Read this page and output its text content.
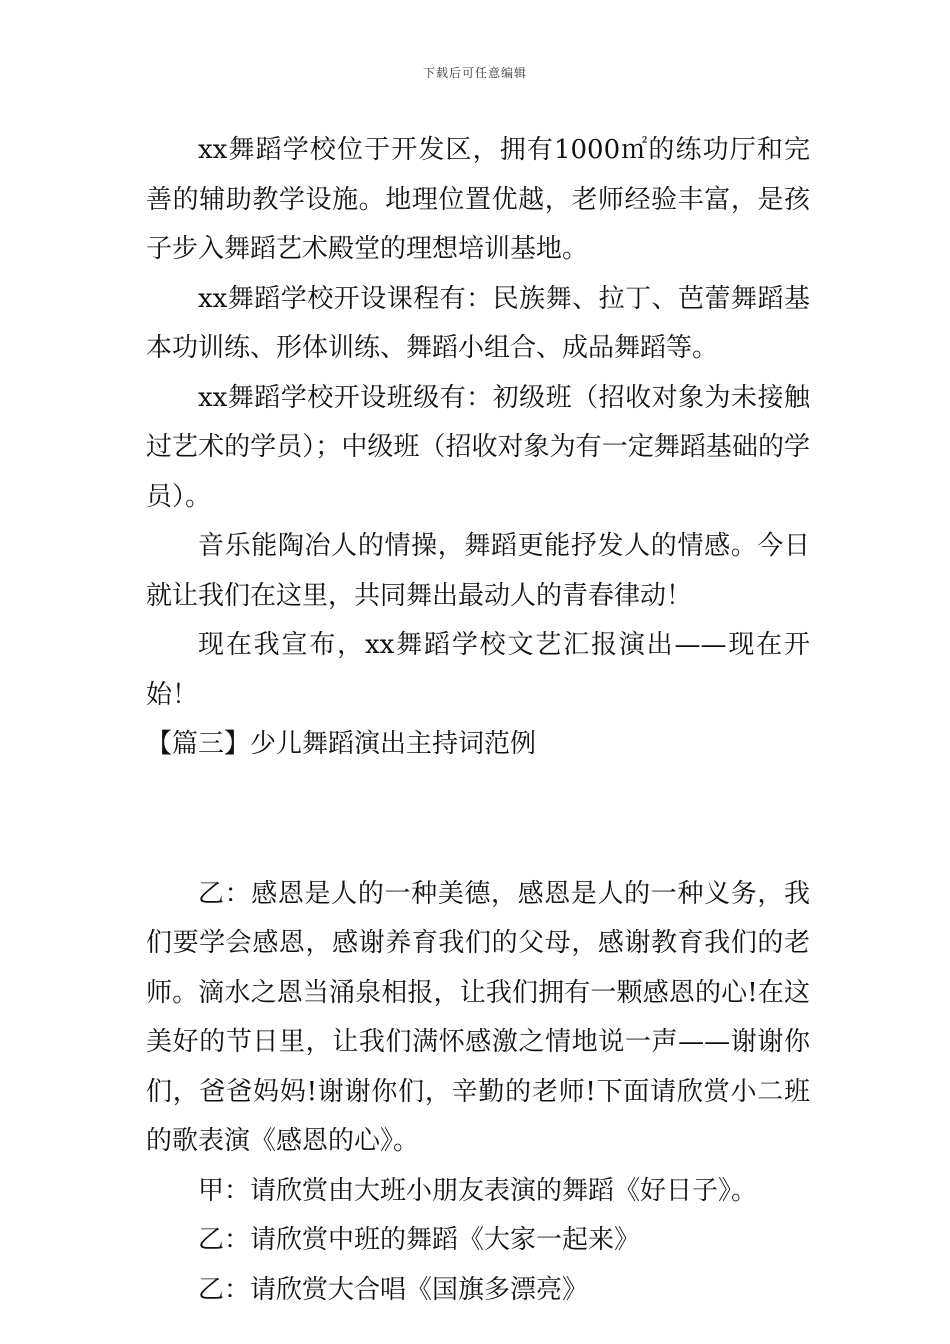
下载后可任意编辑

xx舞蹈学校位于开发区，拥有1000㎡的练功厅和完善的辅助教学设施。地理位置优越，老师经验丰富，是孩子步入舞蹈艺术殿堂的理想培训基地。

xx舞蹈学校开设课程有：民族舞、拉丁、芭蕾舞蹈基本功训练、形体训练、舞蹈小组合、成品舞蹈等。

xx舞蹈学校开设班级有：初级班（招收对象为未接触过艺术的学员）；中级班（招收对象为有一定舞蹈基础的学员）。

音乐能陶冶人的情操，舞蹈更能抒发人的情感。今日就让我们在这里，共同舞出最动人的青春律动！

现在我宣布，xx舞蹈学校文艺汇报演出——现在开始！

【篇三】少儿舞蹈演出主持词范例

乙：感恩是人的一种美德，感恩是人的一种义务，我们要学会感恩，感谢养育我们的父母，感谢教育我们的老师。滴水之恩当涌泉相报，让我们拥有一颗感恩的心!在这美好的节日里，让我们满怀感激之情地说一声——谢谢你们，爸爸妈妈!谢谢你们，辛勤的老师!下面请欣赏小二班的歌表演《感恩的心》。

甲：请欣赏由大班小朋友表演的舞蹈《好日子》。

乙：请欣赏中班的舞蹈《大家一起来》

乙：请欣赏大合唱《国旗多漂亮》
